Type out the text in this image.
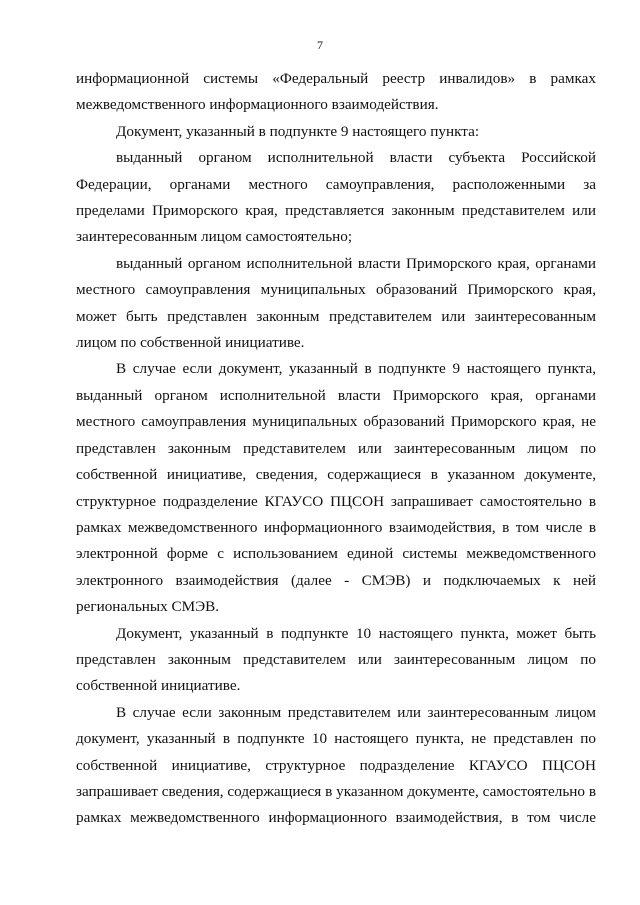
7

информационной системы «Федеральный реестр инвалидов» в рамках межведомственного информационного взаимодействия.

Документ, указанный в подпункте 9 настоящего пункта:

выданный органом исполнительной власти субъекта Российской Федерации, органами местного самоуправления, расположенными за пределами Приморского края, представляется законным представителем или заинтересованным лицом самостоятельно;

выданный органом исполнительной власти Приморского края, органами местного самоуправления муниципальных образований Приморского края, может быть представлен законным представителем или заинтересованным лицом по собственной инициативе.

В случае если документ, указанный в подпункте 9 настоящего пункта, выданный органом исполнительной власти Приморского края, органами местного самоуправления муниципальных образований Приморского края, не представлен законным представителем или заинтересованным лицом по собственной инициативе, сведения, содержащиеся в указанном документе, структурное подразделение КГАУСО ПЦСОН запрашивает самостоятельно в рамках межведомственного информационного взаимодействия, в том числе в электронной форме с использованием единой системы межведомственного электронного взаимодействия (далее - СМЭВ) и подключаемых к ней региональных СМЭВ.

Документ, указанный в подпункте 10 настоящего пункта, может быть представлен законным представителем или заинтересованным лицом по собственной инициативе.

В случае если законным представителем или заинтересованным лицом документ, указанный в подпункте 10 настоящего пункта, не представлен по собственной инициативе, структурное подразделение КГАУСО ПЦСОН запрашивает сведения, содержащиеся в указанном документе, самостоятельно в рамках межведомственного информационного взаимодействия, в том числе
